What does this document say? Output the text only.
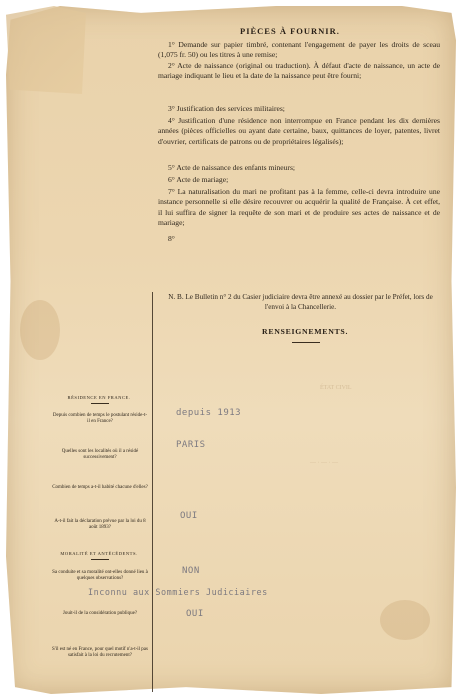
ÉTAT CIVIL
— · — · —
PIÈCES À FOURNIR.
1° Demande sur papier timbré, contenant l'engagement de payer les droits de sceau (1,075 fr. 50) ou les titres à une remise;
2° Acte de naissance (original ou traduction). À défaut d'acte de naissance, un acte de mariage indiquant le lieu et la date de la naissance peut être fourni;
3° Justification des services militaires;
4° Justification d'une résidence non interrompue en France pendant les dix dernières années (pièces officielles ou ayant date certaine, baux, quittances de loyer, patentes, livret d'ouvrier, certificats de patrons ou de propriétaires légalisés);
5° Acte de naissance des enfants mineurs;
6° Acte de mariage;
7° La naturalisation du mari ne profitant pas à la femme, celle-ci devra introduire une instance personnelle si elle désire recouvrer ou acquérir la qualité de Française. À cet effet, il lui suffira de signer la requête de son mari et de produire ses actes de naissance et de mariage;
8°
N. B. Le Bulletin n° 2 du Casier judiciaire devra être annexé au dossier par le Préfet, lors de l'envoi à la Chancellerie.
RENSEIGNEMENTS.
RÉSIDENCE EN FRANCE.
Depuis combien de temps le postulant réside-t-il en France?
Quelles sont les localités où il a résidé successivement?
Combien de temps a-t-il habité chacune d'elles?
A-t-il fait la déclaration prévue par la loi du 8 août 1893?
MORALITÉ ET ANTÉCÉDENTS.
Sa conduite et sa moralité ont-elles donné lieu à quelques observations?
Jouit-il de la considération publique?
S'il est né en France, pour quel motif n'a-t-il pas satisfait à la loi du recrutement?
depuis 1913
PARIS
OUI
NON
Inconnu aux Sommiers Judiciaires
OUI
